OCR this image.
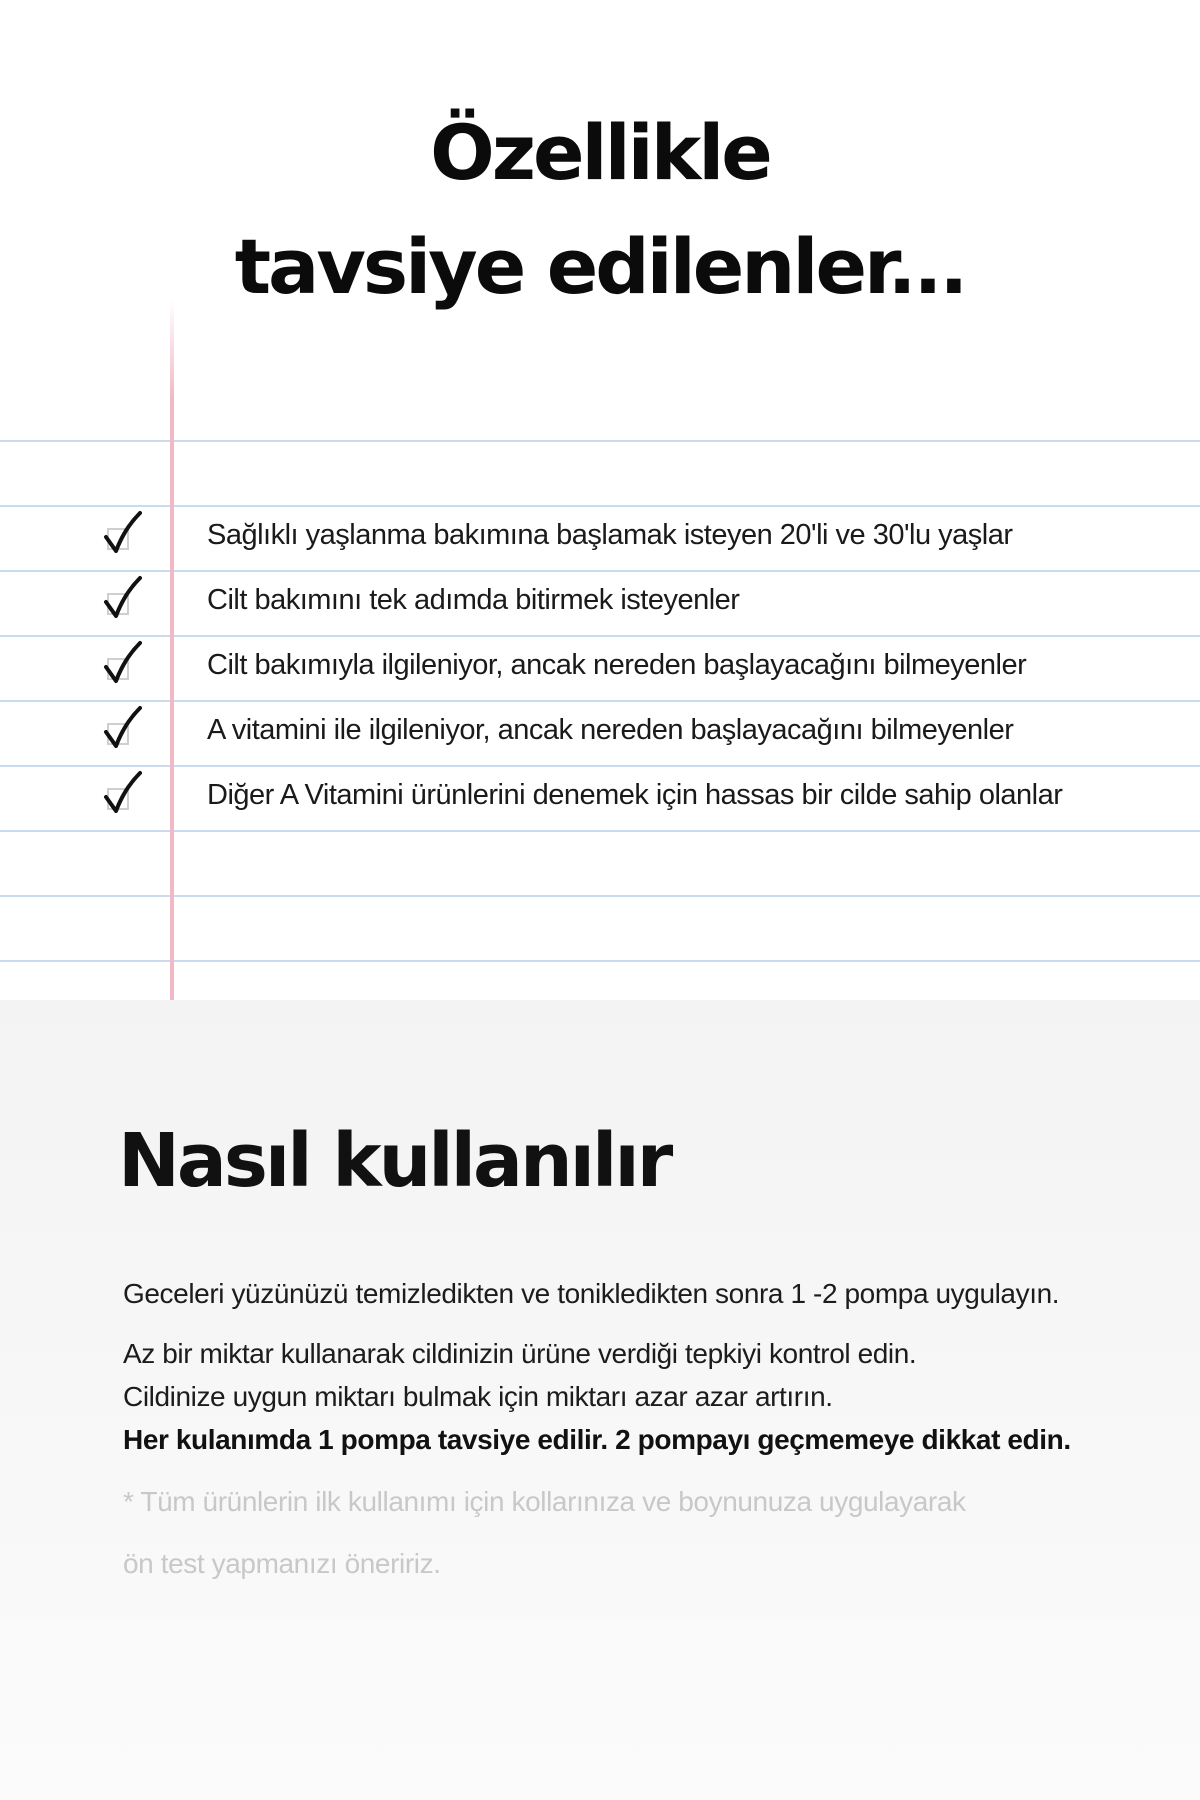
Özellikle
tavsiye edilenler...
Sağlıklı yaşlanma bakımına başlamak isteyen 20'li ve 30'lu yaşlar
Cilt bakımını tek adımda bitirmek isteyenler
Cilt bakımıyla ilgileniyor, ancak nereden başlayacağını bilmeyenler
A vitamini ile ilgileniyor, ancak nereden başlayacağını bilmeyenler
Diğer A Vitamini ürünlerini denemek için hassas bir cilde sahip olanlar
Nasıl kullanılır

Geceleri yüzünüzü temizledikten ve tonikledikten sonra 1 -2 pompa uygulayın.

Az bir miktar kullanarak cildinizin ürüne verdiği tepkiyi kontrol edin.

Cildinize uygun miktarı bulmak için miktarı azar azar artırın.

Her kulanımda 1 pompa tavsiye edilir. 2 pompayı geçmemeye dikkat edin.

* Tüm ürünlerin ilk kullanımı için kollarınıza ve boynunuza uygulayarak

ön test yapmanızı öneririz.
